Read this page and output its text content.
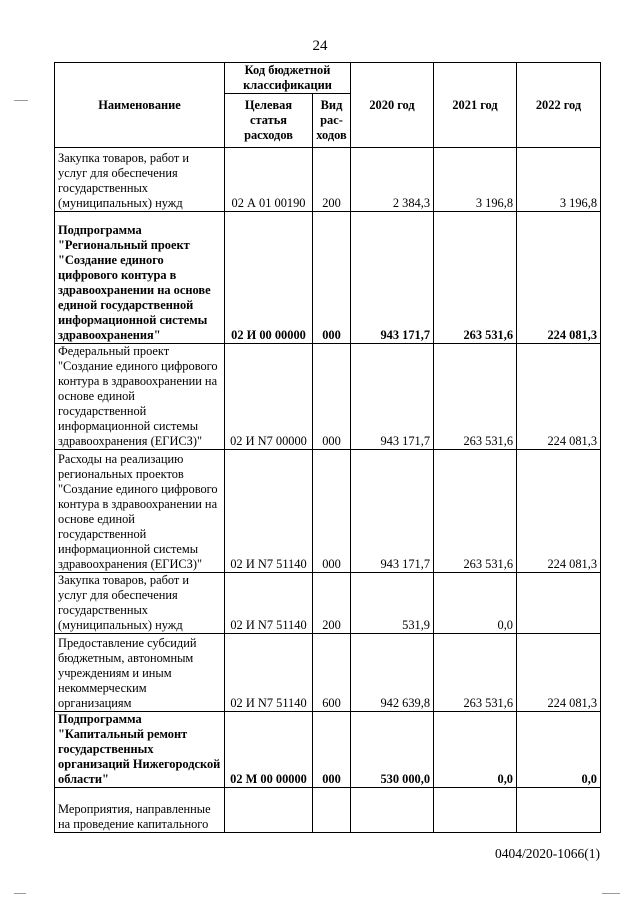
24
Наименование	Код бюджетной классификации		2020 год	2021 год	2022 год
	Целевая статья расходов	Вид рас- ходов			
Закупка товаров, работ и услуг для обеспечения государственных (муниципальных) нужд	02 А 01 00190	200	2 384,3	3 196,8	3 196,8
Подпрограмма "Региональный проект "Создание единого цифрового контура в здравоохранении на основе единой государственной информационной системы здравоохранения"	02 И 00 00000	000	943 171,7	263 531,6	224 081,3
Федеральный проект "Создание единого цифрового контура в здравоохранении на основе единой государственной информационной системы здравоохранения (ЕГИСЗ)"	02 И N7 00000	000	943 171,7	263 531,6	224 081,3
Расходы на реализацию региональных проектов "Создание единого цифрового контура в здравоохранении на основе единой государственной информационной системы здравоохранения (ЕГИСЗ)"	02 И N7 51140	000	943 171,7	263 531,6	224 081,3
Закупка товаров, работ и услуг для обеспечения государственных (муниципальных) нужд	02 И N7 51140	200	531,9	0,0	
Предоставление субсидий бюджетным, автономным учреждениям и иным некоммерческим организациям	02 И N7 51140	600	942 639,8	263 531,6	224 081,3
Подпрограмма "Капитальный ремонт государственных организаций Нижегородской области"	02 М 00 00000	000	530 000,0	0,0	0,0
Мероприятия, направленные на проведение капитального					
0404/2020-1066(1)
